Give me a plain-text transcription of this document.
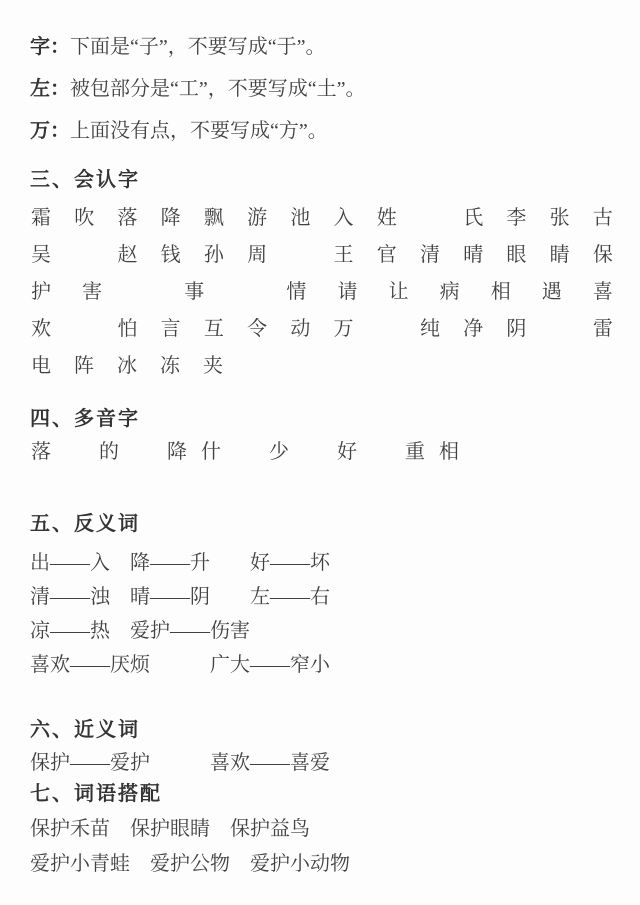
字：下面是“子”，不要写成“于”。
左：被包部分是“工”，不要写成“土”。
万：上面没有点，不要写成“方”。
三、会认字
霜 吹 落 降 飘 游 池 入 姓	氏 李 张 古
吴	赵 钱 孙 周	王 官 清 晴 眼 睛 保
护 害	事	情 请 让 病 相 遇 喜
欢	怕 言 互 令 动 万	纯 净 阴	雷
电 阵 冰 冻 夹
四、多音字
落 的 降 什 少 好 重 相
五、反义词
出——入　降——升　　好——坏
清——浊　晴——阴　　左——右
凉——热　爱护——伤害
喜欢——厌烦　　　广大——窄小
六、近义词
保护——爱护　　　喜欢——喜爱
七、词语搭配
保护禾苗　保护眼睛　保护益鸟
爱护小青蛙　爱护公物　爱护小动物
